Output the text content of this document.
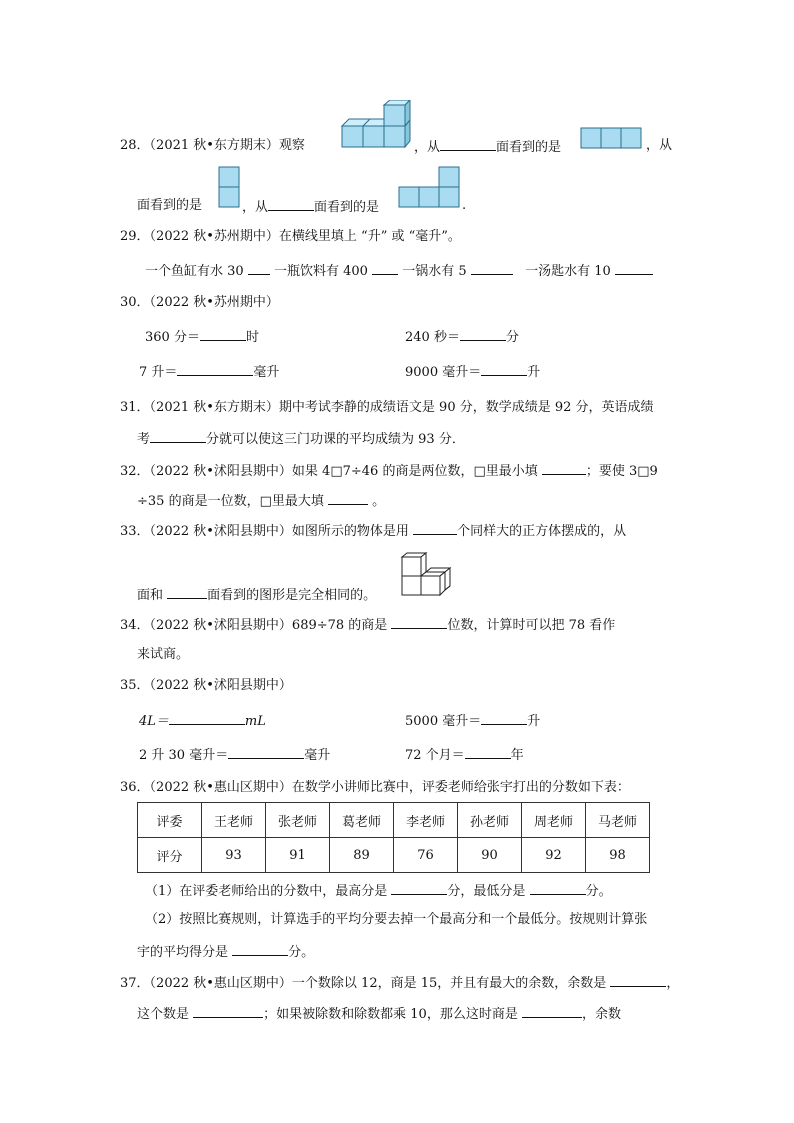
28．（2021 秋•东方期末）观察	，从	面看到的是	，从
面看到的是	，从	面看到的是	.
29．（2022 秋•苏州期中）在横线里填上 “升” 或 “毫升”。
一个鱼缸有水 30 一瓶饮料有 400	一锅水有 5	一汤匙水有 10
30．（2022 秋•苏州期中）
360 分＝	时	240 秒＝	分
7 升＝	毫升	9000 毫升＝	升
31．（2021 秋•东方期末）期中考试李静的成绩语文是 90 分，数学成绩是 92 分，英语成绩
考	分就可以使这三门功课的平均成绩为 93 分．
32．（2022 秋•沭阳县期中）如果 4□7÷46 的商是两位数，□里最小填	；要使 3□9
÷35 的商是一位数，□里最大填	。
33．（2022 秋•沭阳县期中）如图所示的物体是用	个同样大的正方体摆成的，从
面和	面看到的图形是完全相同的。
34．（2022 秋•沭阳县期中）689÷78 的商是	位数，计算时可以把 78 看作
来试商。
35．（2022 秋•沭阳县期中）
4L＝	mL	5000 毫升＝	升
2 升 30 毫升＝	毫升	72 个月＝	年
36．（2022 秋•惠山区期中）在数学小讲师比赛中，评委老师给张宇打出的分数如下表：
评委	王老师	张老师	葛老师	李老师	孙老师	周老师	马老师
评分	93	91	89	76	90	92	98
（1）在评委老师给出的分数中，最高分是	分，最低分是	分。
（2）按照比赛规则，计算选手的平均分要去掉一个最高分和一个最低分。按规则计算张
宇的平均得分是	分。
37．（2022 秋•惠山区期中）一个数除以 12，商是 15，并且有最大的余数，余数是	，
这个数是	；如果被除数和除数都乘 10，那么这时商是	，余数
